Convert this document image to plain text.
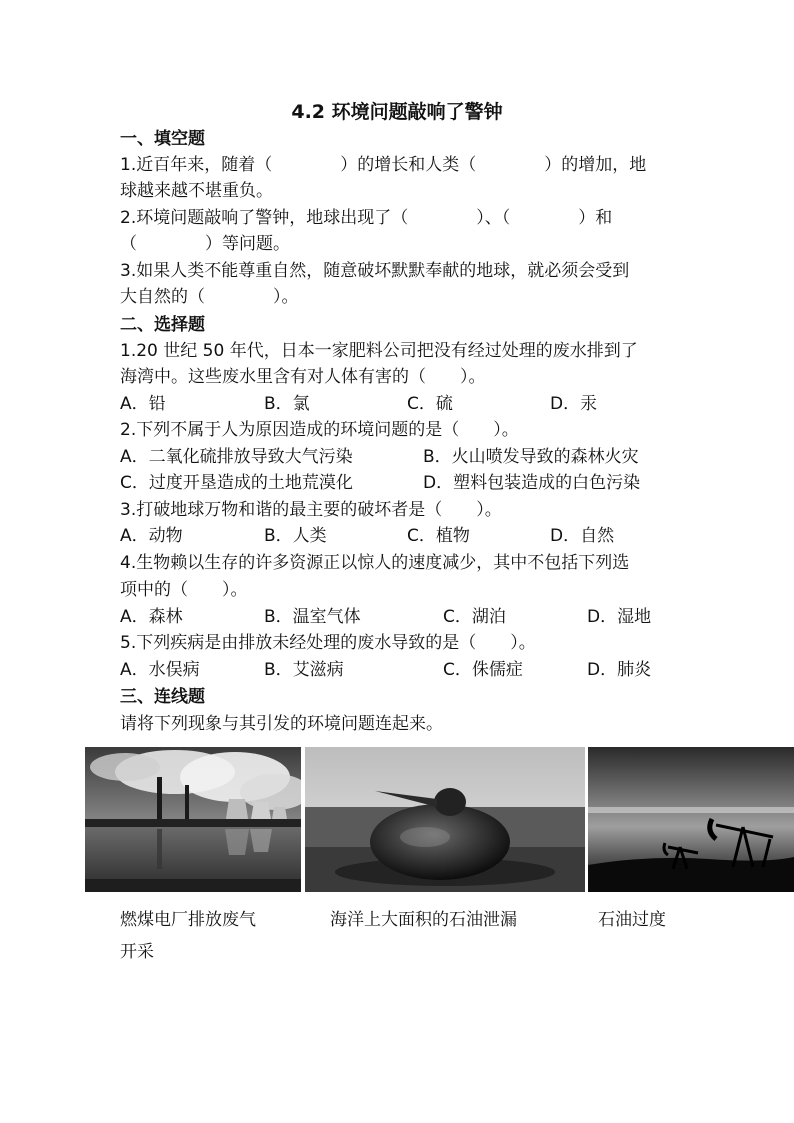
4.2 环境问题敲响了警钟
一、填空题
1.近百年来，随着（　　　　）的增长和人类（　　　　）的增加，地
球越来越不堪重负。
2.环境问题敲响了警钟，地球出现了（　　　　）、（　　　　）和
（　　　　）等问题。
3.如果人类不能尊重自然，随意破坏默默奉献的地球，就必须会受到
大自然的（　　　　）。
二、选择题
1.20 世纪 50 年代，日本一家肥料公司把没有经过处理的废水排到了
海湾中。这些废水里含有对人体有害的（　　）。
A．铅	B．氯	C．硫	D．汞
2.下列不属于人为原因造成的环境问题的是（　　）。
A．二氧化硫排放导致大气污染	B．火山喷发导致的森林火灾
C．过度开垦造成的土地荒漠化	D．塑料包装造成的白色污染
3.打破地球万物和谐的最主要的破坏者是（　　）。
A．动物	B．人类	C．植物	D．自然
4.生物赖以生存的许多资源正以惊人的速度减少，其中不包括下列选
项中的（　　）。
A．森林	B．温室气体	C．湖泊	D．湿地
5.下列疾病是由排放未经处理的废水导致的是（　　）。
A．水俣病	B．艾滋病	C．侏儒症	D．肺炎
三、连线题
请将下列现象与其引发的环境问题连起来。
燃煤电厂排放废气	海洋上大面积的石油泄漏	石油过度
开采
